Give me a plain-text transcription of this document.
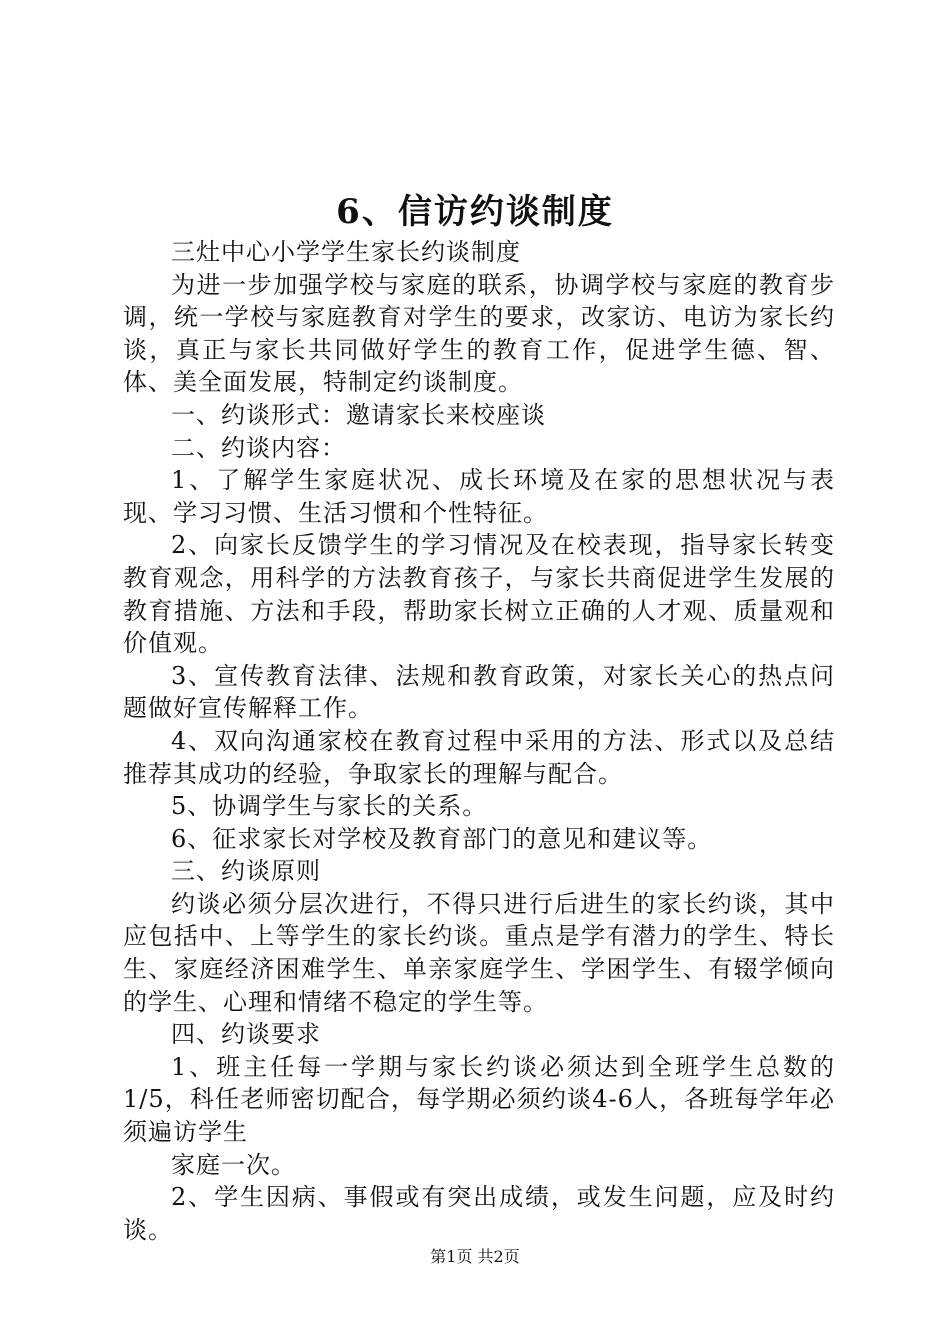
6、信访约谈制度

三灶中心小学学生家长约谈制度

为进一步加强学校与家庭的联系，协调学校与家庭的教育步调，统一学校与家庭教育对学生的要求，改家访、电访为家长约谈，真正与家长共同做好学生的教育工作，促进学生德、智、体、美全面发展，特制定约谈制度。

一、约谈形式：邀请家长来校座谈

二、约谈内容：

1、了解学生家庭状况、成长环境及在家的思想状况与表现、学习习惯、生活习惯和个性特征。

2、向家长反馈学生的学习情况及在校表现，指导家长转变教育观念，用科学的方法教育孩子，与家长共商促进学生发展的教育措施、方法和手段，帮助家长树立正确的人才观、质量观和价值观。

3、宣传教育法律、法规和教育政策，对家长关心的热点问题做好宣传解释工作。

4、双向沟通家校在教育过程中采用的方法、形式以及总结推荐其成功的经验，争取家长的理解与配合。

5、协调学生与家长的关系。

6、征求家长对学校及教育部门的意见和建议等。

三、约谈原则

约谈必须分层次进行，不得只进行后进生的家长约谈，其中应包括中、上等学生的家长约谈。重点是学有潜力的学生、特长生、家庭经济困难学生、单亲家庭学生、学困学生、有辍学倾向的学生、心理和情绪不稳定的学生等。

四、约谈要求

1、班主任每一学期与家长约谈必须达到全班学生总数的1/5，科任老师密切配合，每学期必须约谈4-6人，各班每学年必须遍访学生

家庭一次。

2、学生因病、事假或有突出成绩，或发生问题，应及时约谈。

第1页 共2页
